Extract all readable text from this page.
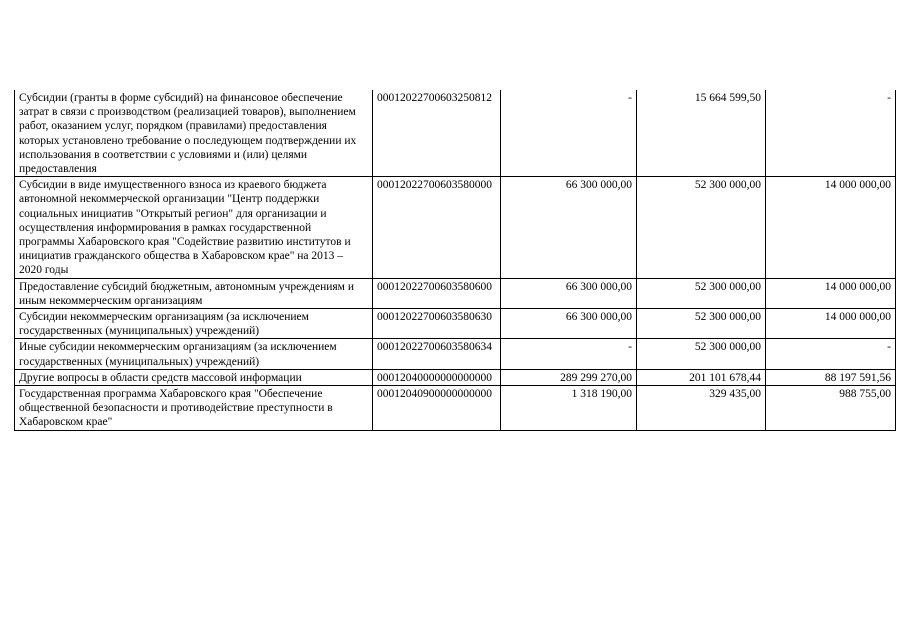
Субсидии (гранты в форме субсидий) на финансовое обеспечение затрат в связи с производством (реализацией товаров), выполнением работ, оказанием услуг, порядком (правилами) предоставления которых установлено требование о последующем подтверждении их использования в соответствии с условиями и (или) целями предоставления	00012022700603250812	-	15 664 599,50	-
Субсидии в виде имущественного взноса из краевого бюджета автономной некоммерческой организации "Центр поддержки социальных инициатив "Открытый регион" для организации и осуществления информирования в рамках государственной программы Хабаровского края "Содействие развитию институтов и инициатив гражданского общества в Хабаровском крае" на 2013 – 2020 годы	00012022700603580000	66 300 000,00	52 300 000,00	14 000 000,00
Предоставление субсидий бюджетным, автономным учреждениям и иным некоммерческим организациям	00012022700603580600	66 300 000,00	52 300 000,00	14 000 000,00
Субсидии некоммерческим организациям (за исключением государственных (муниципальных) учреждений)	00012022700603580630	66 300 000,00	52 300 000,00	14 000 000,00
Иные субсидии некоммерческим организациям (за исключением государственных (муниципальных) учреждений)	00012022700603580634	-	52 300 000,00	-
Другие вопросы в области средств массовой информации	00012040000000000000	289 299 270,00	201 101 678,44	88 197 591,56
Государственная программа Хабаровского края "Обеспечение общественной безопасности и противодействие преступности в Хабаровском крае"	00012040900000000000	1 318 190,00	329 435,00	988 755,00
